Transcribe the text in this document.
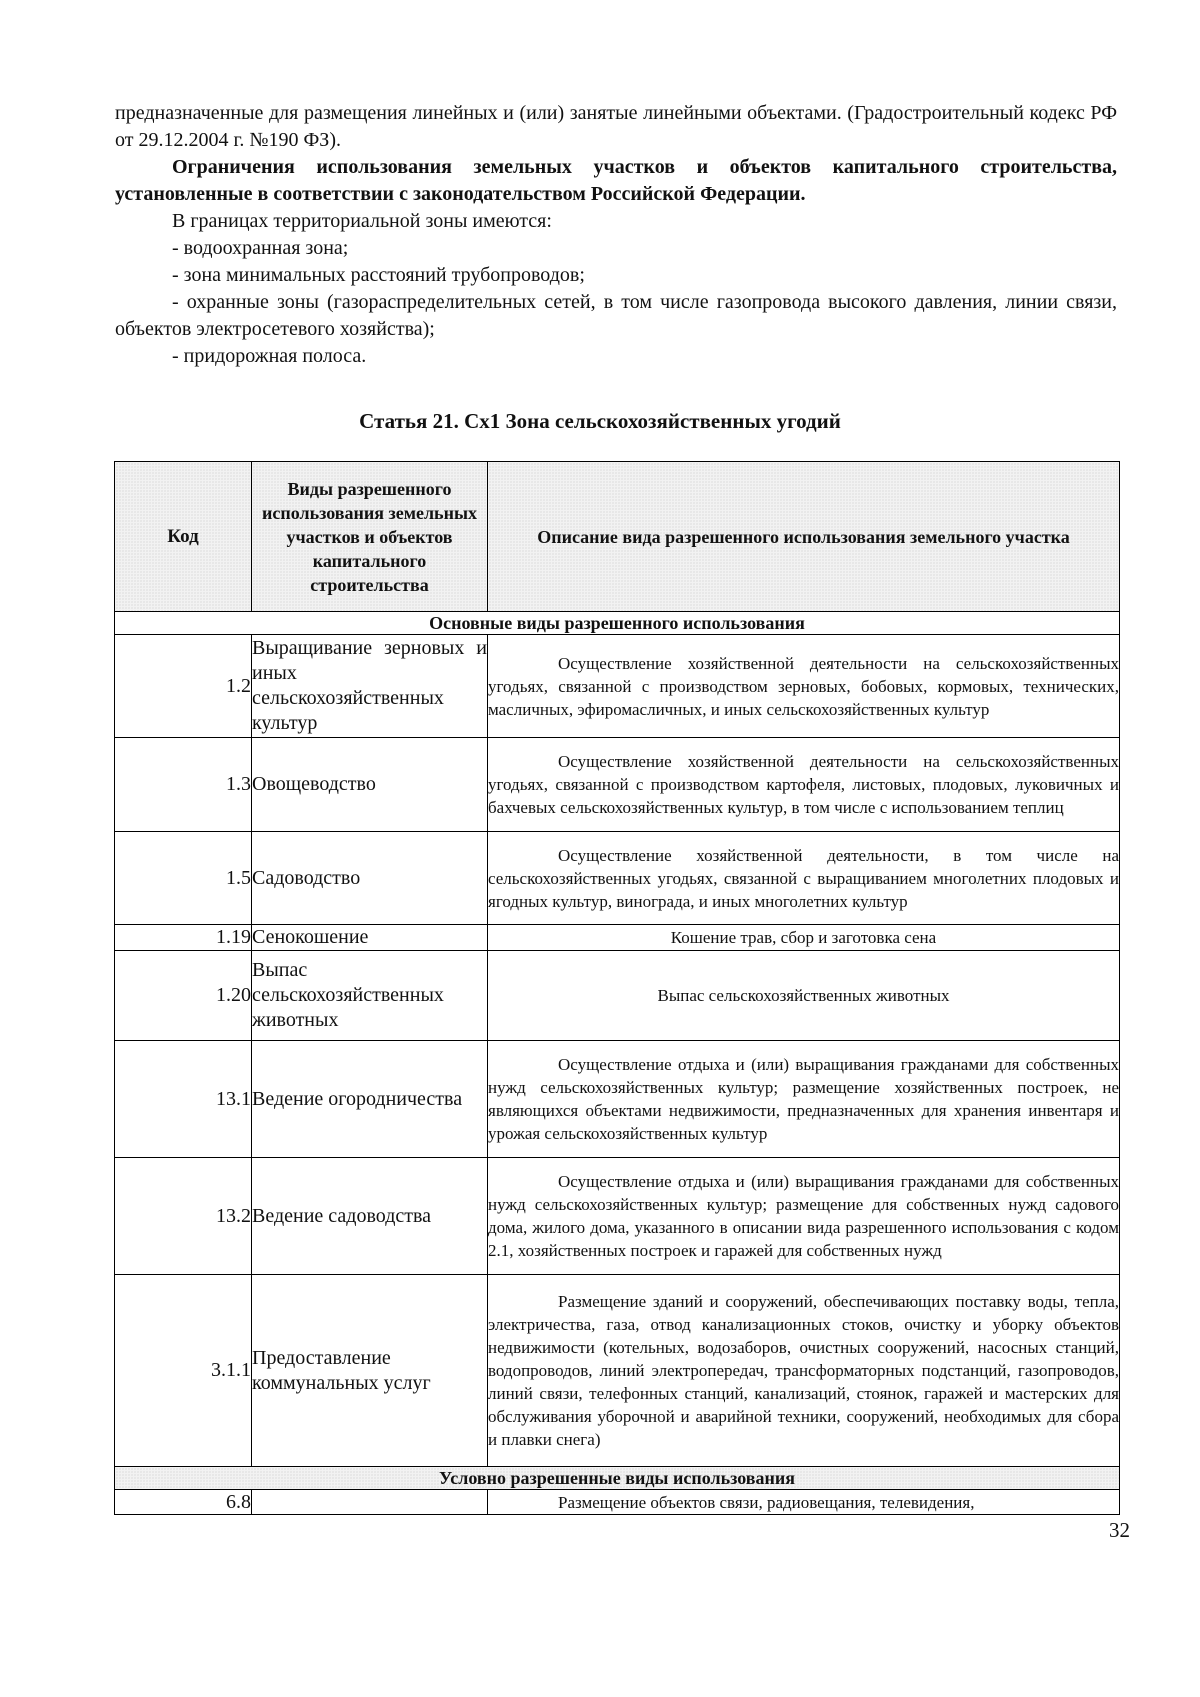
предназначенные для размещения линейных и (или) занятые линейными объектами. (Градостроительный кодекс РФ от 29.12.2004 г. №190 ФЗ).

Ограничения использования земельных участков и объектов капитального строительства, установленные в соответствии с законодательством Российской Федерации.

В границах территориальной зоны имеются:

- водоохранная зона;

- зона минимальных расстояний трубопроводов;

- охранные зоны (газораспределительных сетей, в том числе газопровода высокого давления, линии связи, объектов электросетевого хозяйства);

- придорожная полоса.

Статья 21. Сх1 Зона сельскохозяйственных угодий
Код	Виды разрешенного использования земельных участков и объектов капитального строительства	Описание вида разрешенного использования земельного участка
Основные виды разрешенного использования		
1.2	Выращивание зерновых и иных сельскохозяйственных культур	Осуществление хозяйственной деятельности на сельскохозяйственных угодьях, связанной с производством зерновых, бобовых, кормовых, технических, масличных, эфиромасличных, и иных сельскохозяйственных культур
1.3	Овощеводство	Осуществление хозяйственной деятельности на сельскохозяйственных угодьях, связанной с производством картофеля, листовых, плодовых, луковичных и бахчевых сельскохозяйственных культур, в том числе с использованием теплиц
1.5	Садоводство	Осуществление хозяйственной деятельности, в том числе на сельскохозяйственных угодьях, связанной с выращиванием многолетних плодовых и ягодных культур, винограда, и иных многолетних культур
1.19	Сенокошение	Кошение трав, сбор и заготовка сена
1.20	Выпас сельскохозяйственных животных	Выпас сельскохозяйственных животных
13.1	Ведение огородничества	Осуществление отдыха и (или) выращивания гражданами для собственных нужд сельскохозяйственных культур; размещение хозяйственных построек, не являющихся объектами недвижимости, предназначенных для хранения инвентаря и урожая сельскохозяйственных культур
13.2	Ведение садоводства	Осуществление отдыха и (или) выращивания гражданами для собственных нужд сельскохозяйственных культур; размещение для собственных нужд садового дома, жилого дома, указанного в описании вида разрешенного использования с кодом 2.1, хозяйственных построек и гаражей для собственных нужд
3.1.1	Предоставление коммунальных услуг	Размещение зданий и сооружений, обеспечивающих поставку воды, тепла, электричества, газа, отвод канализационных стоков, очистку и уборку объектов недвижимости (котельных, водозаборов, очистных сооружений, насосных станций, водопроводов, линий электропередач, трансформаторных подстанций, газопроводов, линий связи, телефонных станций, канализаций, стоянок, гаражей и мастерских для обслуживания уборочной и аварийной техники, сооружений, необходимых для сбора и плавки снега)
Условно разрешенные виды использования		
6.8		Размещение объектов связи, радиовещания, телевидения,
32
